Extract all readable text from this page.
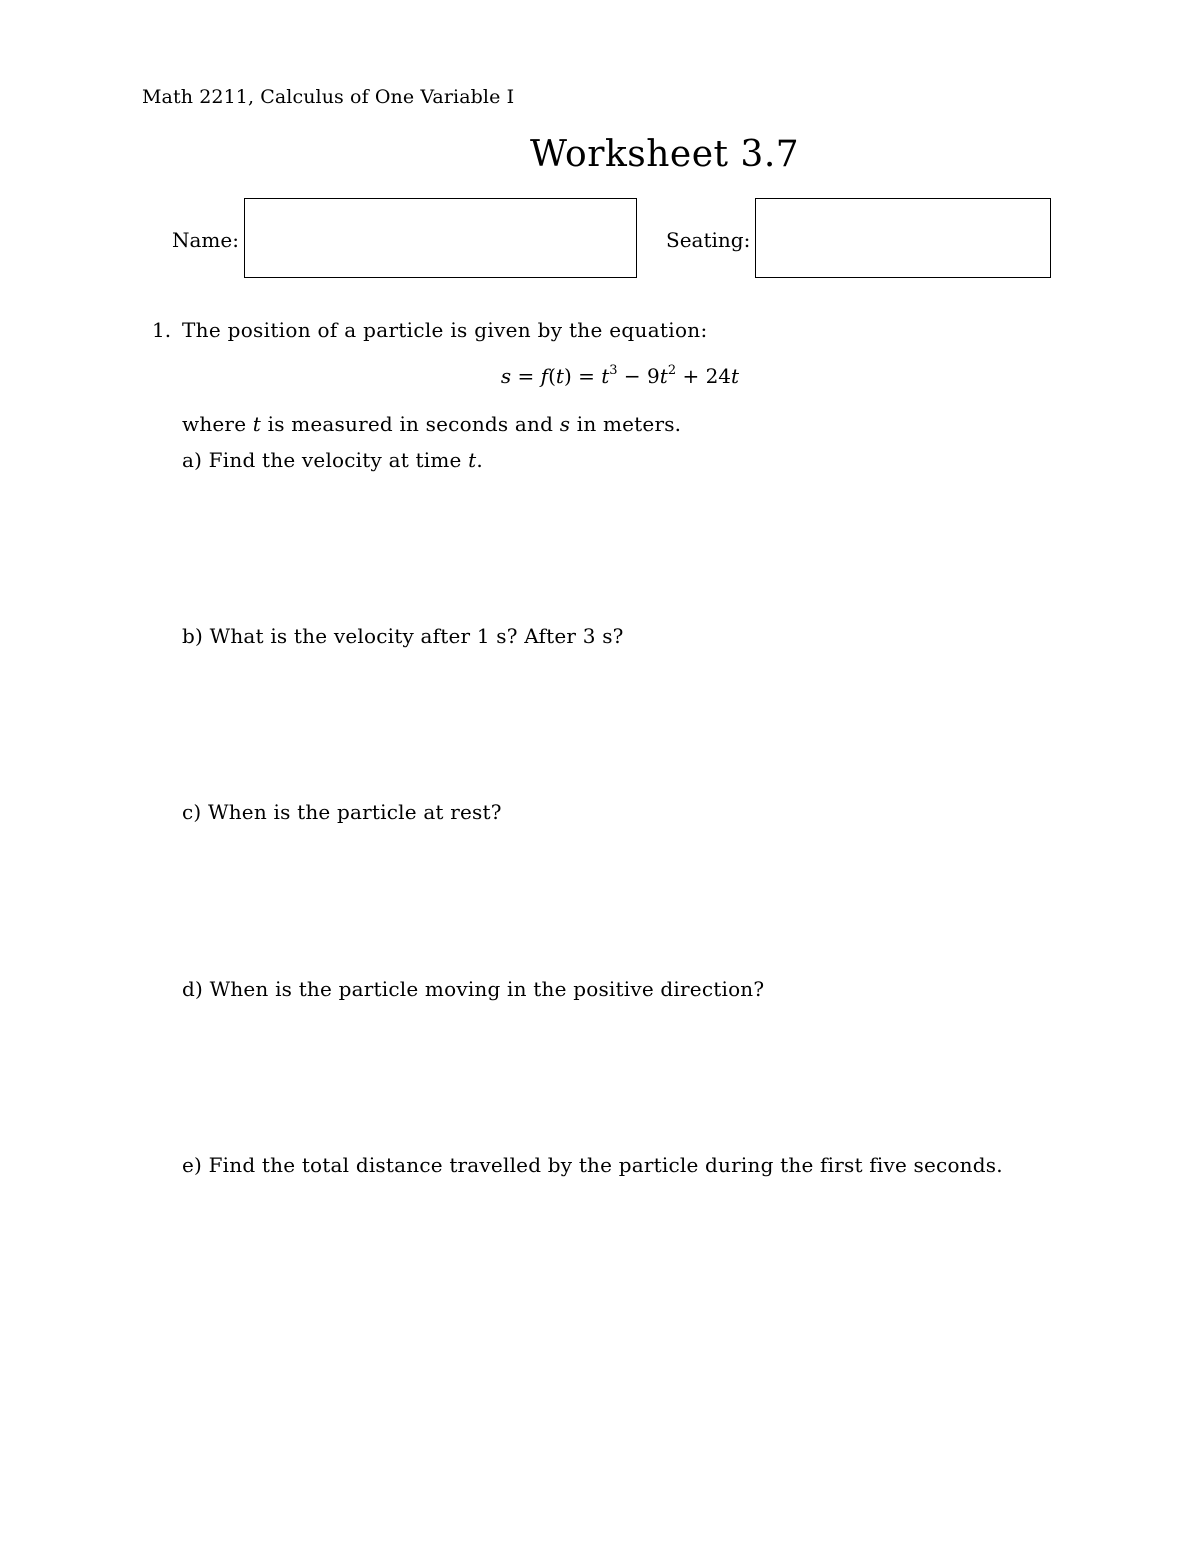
Math 2211, Calculus of One Variable I
Worksheet 3.7
Name:	Seating:
1. The position of a particle is given by the equation:
$s = f(t) = t^3 - 9t^2 + 24t$
where t is measured in seconds and s in meters.
a) Find the velocity at time t.
b) What is the velocity after 1 s? After 3 s?
c) When is the particle at rest?
d) When is the particle moving in the positive direction?
e) Find the total distance travelled by the particle during the first five seconds.
